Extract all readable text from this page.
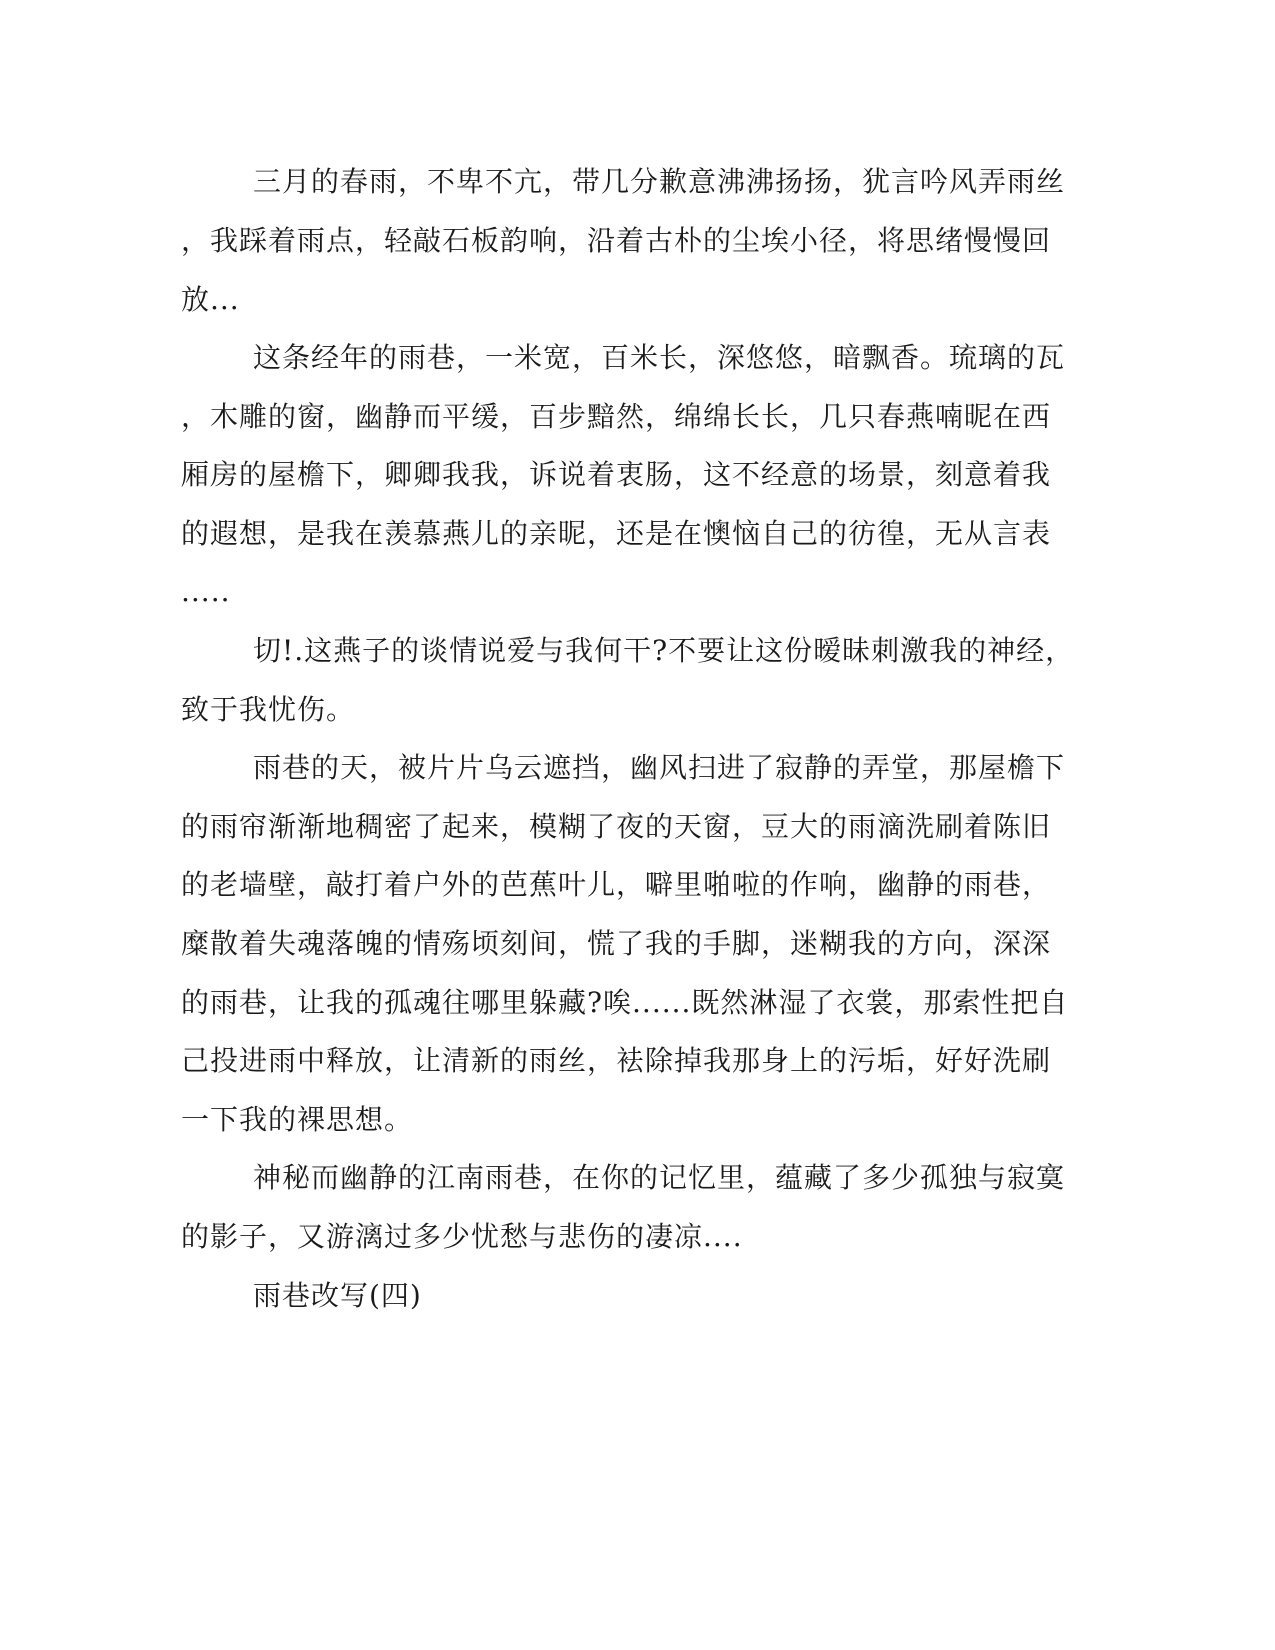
三月的春雨，不卑不亢，带几分歉意沸沸扬扬，犹言吟风弄雨丝
，我踩着雨点，轻敲石板韵响，沿着古朴的尘埃小径，将思绪慢慢回
放...
这条经年的雨巷，一米宽，百米长，深悠悠，暗飘香。琉璃的瓦
，木雕的窗，幽静而平缓，百步黯然，绵绵长长，几只春燕喃昵在西
厢房的屋檐下，卿卿我我，诉说着衷肠，这不经意的场景，刻意着我
的遐想，是我在羡慕燕儿的亲昵，还是在懊恼自己的彷徨，无从言表
.....
切!.这燕子的谈情说爱与我何干?不要让这份暧昧刺激我的神经，
致于我忧伤。
雨巷的天，被片片乌云遮挡，幽风扫进了寂静的弄堂，那屋檐下
的雨帘渐渐地稠密了起来，模糊了夜的天窗，豆大的雨滴洗刷着陈旧
的老墙壁，敲打着户外的芭蕉叶儿，噼里啪啦的作响，幽静的雨巷，
糜散着失魂落魄的情殇顷刻间，慌了我的手脚，迷糊我的方向，深深
的雨巷，让我的孤魂往哪里躲藏?唉......既然淋湿了衣裳，那索性把自
己投进雨中释放，让清新的雨丝，袪除掉我那身上的污垢，好好洗刷
一下我的裸思想。
神秘而幽静的江南雨巷，在你的记忆里，蕴藏了多少孤独与寂寞
的影子，又游漓过多少忧愁与悲伤的凄凉....
雨巷改写(四)
